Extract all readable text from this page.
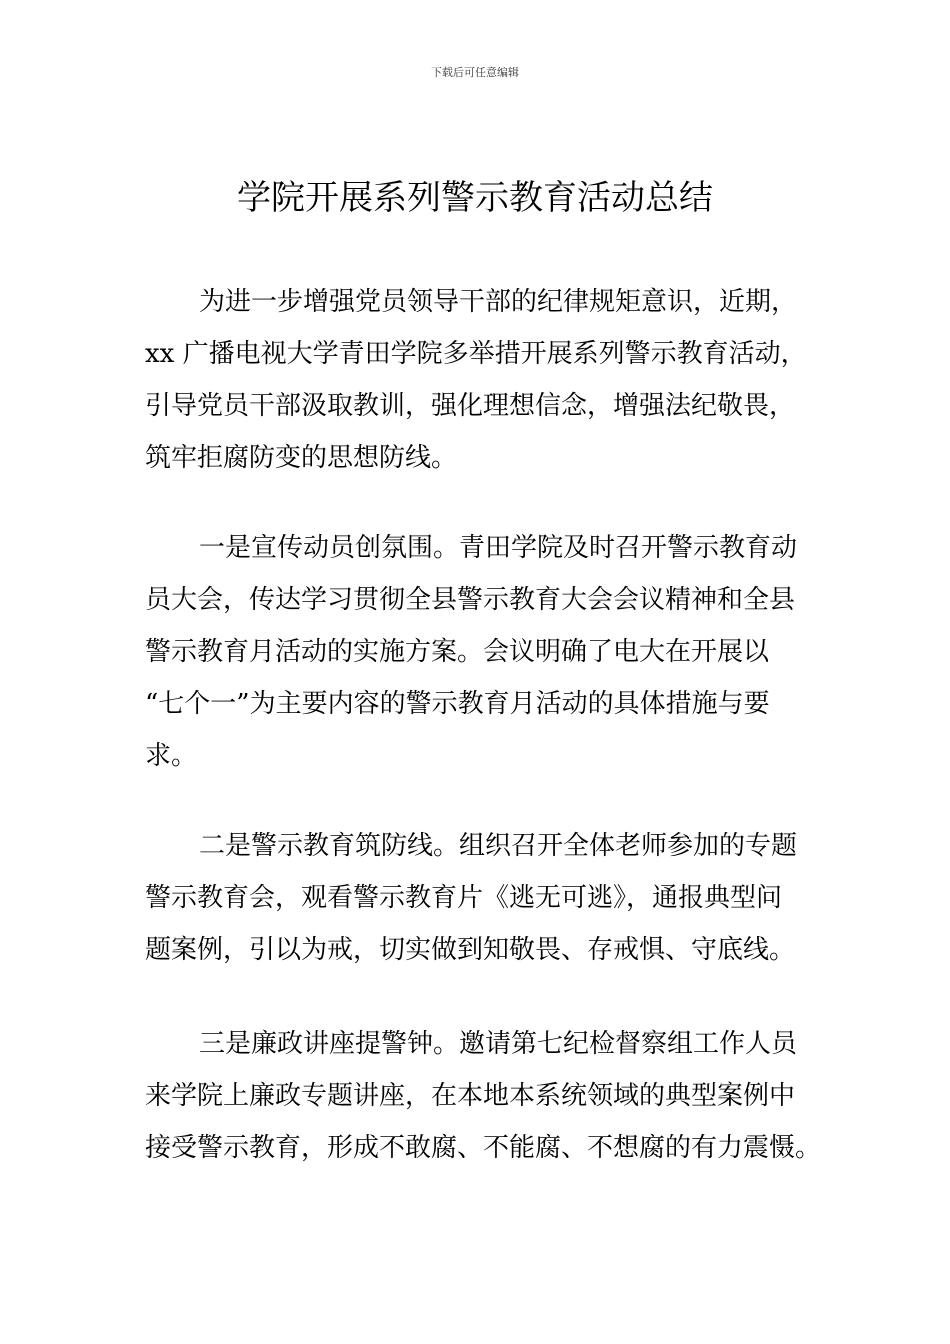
下载后可任意编辑
学院开展系列警示教育活动总结
为进一步增强党员领导干部的纪律规矩意识，近期，
xx 广播电视大学青田学院多举措开展系列警示教育活动，
引导党员干部汲取教训，强化理想信念，增强法纪敬畏，
筑牢拒腐防变的思想防线。
一是宣传动员创氛围。青田学院及时召开警示教育动
员大会，传达学习贯彻全县警示教育大会会议精神和全县
警示教育月活动的实施方案。会议明确了电大在开展以
“七个一”为主要内容的警示教育月活动的具体措施与要
求。
二是警示教育筑防线。组织召开全体老师参加的专题
警示教育会，观看警示教育片《逃无可逃》，通报典型问
题案例，引以为戒，切实做到知敬畏、存戒惧、守底线。
三是廉政讲座提警钟。邀请第七纪检督察组工作人员
来学院上廉政专题讲座，在本地本系统领域的典型案例中
接受警示教育，形成不敢腐、不能腐、不想腐的有力震慑。
